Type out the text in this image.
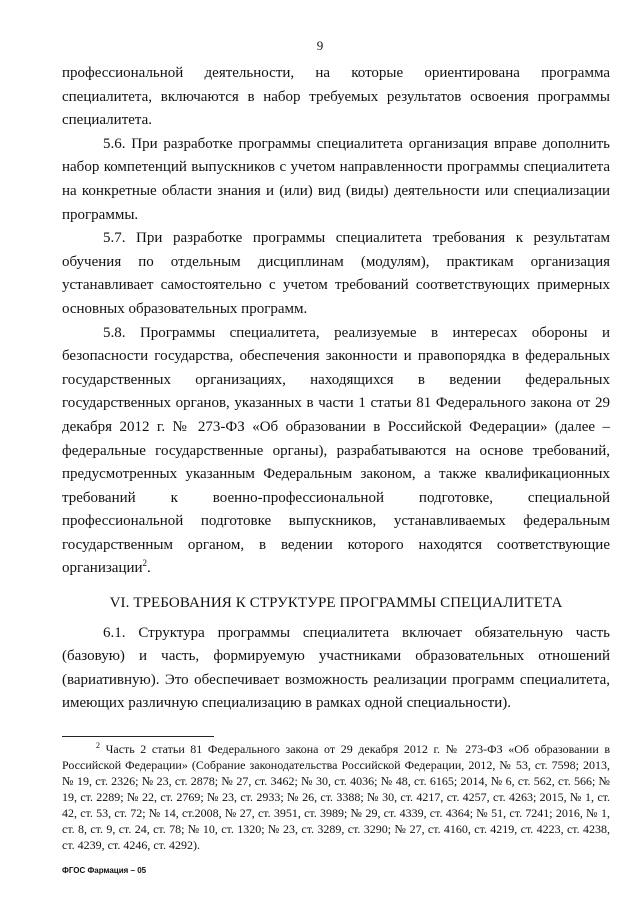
9

профессиональной деятельности, на которые ориентирована программа специалитета, включаются в набор требуемых результатов освоения программы специалитета.

5.6. При разработке программы специалитета организация вправе дополнить набор компетенций выпускников с учетом направленности программы специалитета на конкретные области знания и (или) вид (виды) деятельности или специализации программы.

5.7. При разработке программы специалитета требования к результатам обучения по отдельным дисциплинам (модулям), практикам организация устанавливает самостоятельно с учетом требований соответствующих примерных основных образовательных программ.

5.8. Программы специалитета, реализуемые в интересах обороны и безопасности государства, обеспечения законности и правопорядка в федеральных государственных организациях, находящихся в ведении федеральных государственных органов, указанных в части 1 статьи 81 Федерального закона от 29 декабря 2012 г. № 273-ФЗ «Об образовании в Российской Федерации» (далее – федеральные государственные органы), разрабатываются на основе требований, предусмотренных указанным Федеральным законом, а также квалификационных требований к военно-профессиональной подготовке, специальной профессиональной подготовке выпускников, устанавливаемых федеральным государственным органом, в ведении которого находятся соответствующие организации$^2$.

VI. ТРЕБОВАНИЯ К СТРУКТУРЕ ПРОГРАММЫ СПЕЦИАЛИТЕТА

6.1. Структура программы специалитета включает обязательную часть (базовую) и часть, формируемую участниками образовательных отношений (вариативную). Это обеспечивает возможность реализации программ специалитета, имеющих различную специализацию в рамках одной специальности).

$^2$ Часть 2 статьи 81 Федерального закона от 29 декабря 2012 г. № 273-ФЗ «Об образовании в Российской Федерации» (Собрание законодательства Российской Федерации, 2012, № 53, ст. 7598; 2013, № 19, ст. 2326; № 23, ст. 2878; № 27, ст. 3462; № 30, ст. 4036; № 48, ст. 6165; 2014, № 6, ст. 562, ст. 566; № 19, ст. 2289; № 22, ст. 2769; № 23, ст. 2933; № 26, ст. 3388; № 30, ст. 4217, ст. 4257, ст. 4263; 2015, № 1, ст. 42, ст. 53, ст. 72; № 14, ст.2008, № 27, ст. 3951, ст. 3989; № 29, ст. 4339, ст. 4364; № 51, ст. 7241; 2016, № 1, ст. 8, ст. 9, ст. 24, ст. 78; № 10, ст. 1320; № 23, ст. 3289, ст. 3290; № 27, ст. 4160, ст. 4219, ст. 4223, ст. 4238, ст. 4239, ст. 4246, ст. 4292).
ФГОС Фармация – 05
